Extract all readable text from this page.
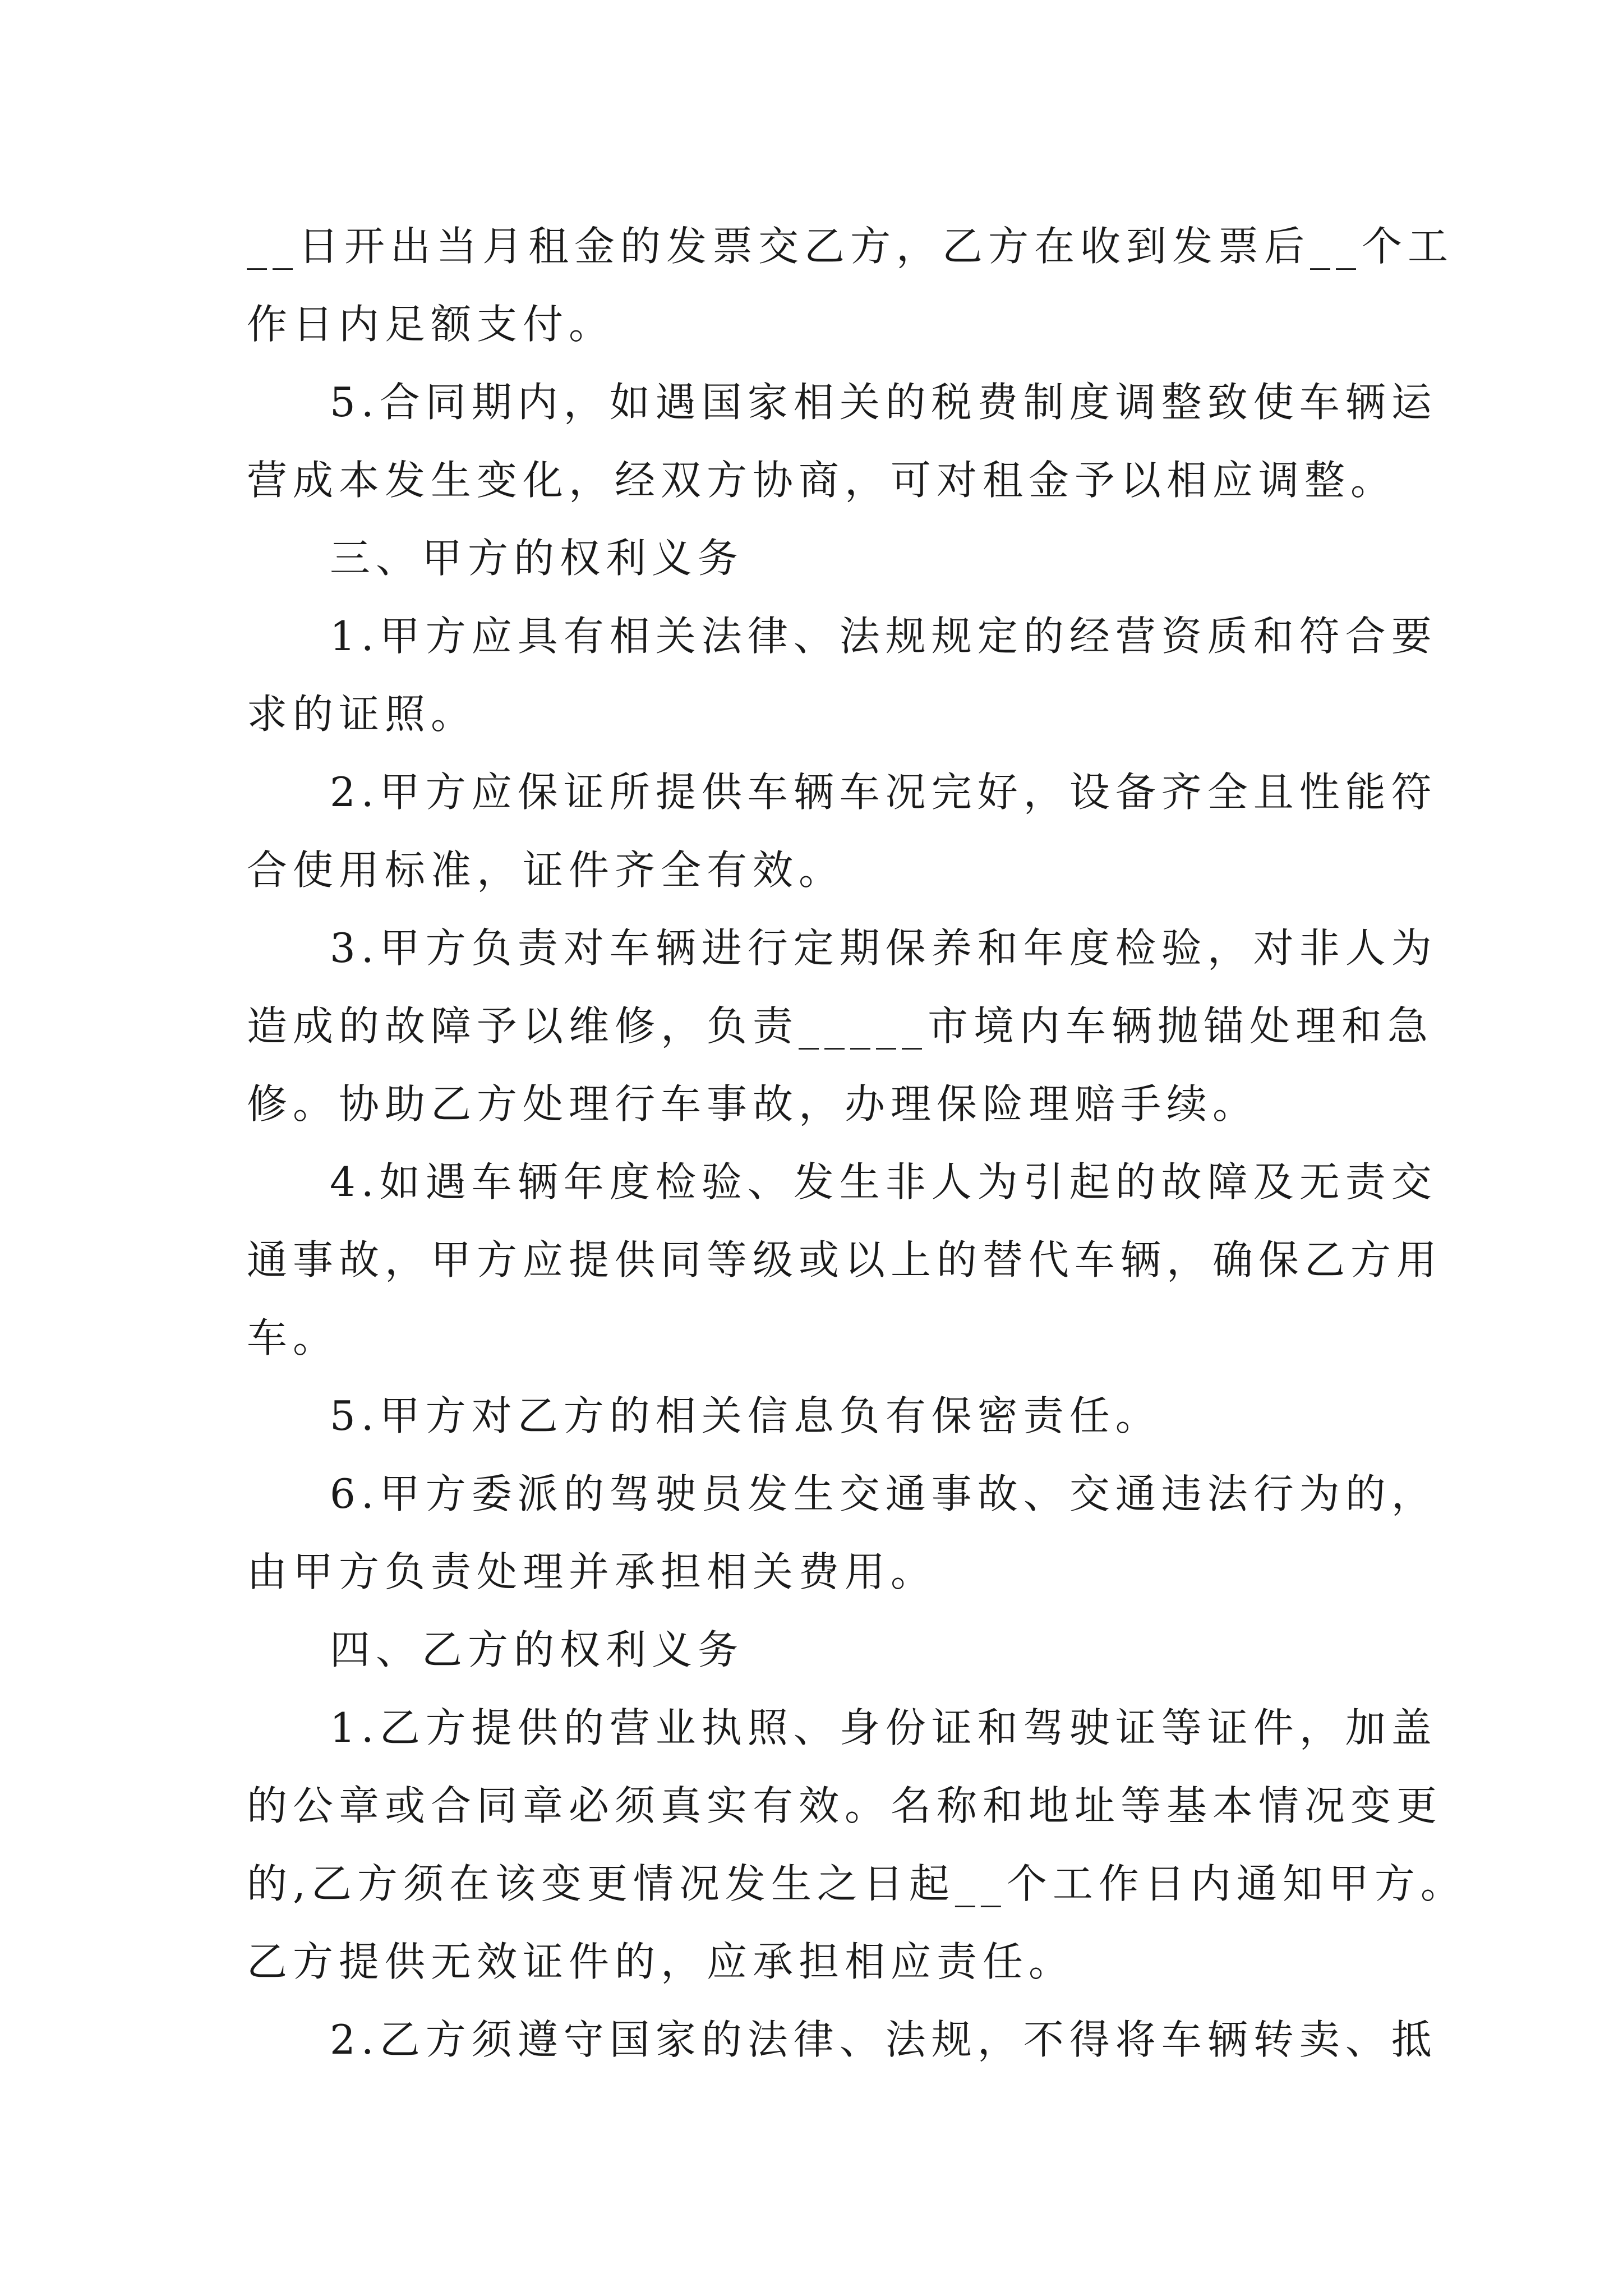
__日开出当月租金的发票交乙方，乙方在收到发票后__个工
作日内足额支付。
5.合同期内，如遇国家相关的税费制度调整致使车辆运
营成本发生变化，经双方协商，可对租金予以相应调整。
三、甲方的权利义务
1.甲方应具有相关法律、法规规定的经营资质和符合要
求的证照。
2.甲方应保证所提供车辆车况完好，设备齐全且性能符
合使用标准，证件齐全有效。
3.甲方负责对车辆进行定期保养和年度检验，对非人为
造成的故障予以维修，负责_____市境内车辆抛锚处理和急
修。协助乙方处理行车事故，办理保险理赔手续。
4.如遇车辆年度检验、发生非人为引起的故障及无责交
通事故，甲方应提供同等级或以上的替代车辆，确保乙方用
车。
5.甲方对乙方的相关信息负有保密责任。
6.甲方委派的驾驶员发生交通事故、交通违法行为的，
由甲方负责处理并承担相关费用。
四、乙方的权利义务
1.乙方提供的营业执照、身份证和驾驶证等证件，加盖
的公章或合同章必须真实有效。名称和地址等基本情况变更
的,乙方须在该变更情况发生之日起__个工作日内通知甲方。
乙方提供无效证件的，应承担相应责任。
2.乙方须遵守国家的法律、法规，不得将车辆转卖、抵
